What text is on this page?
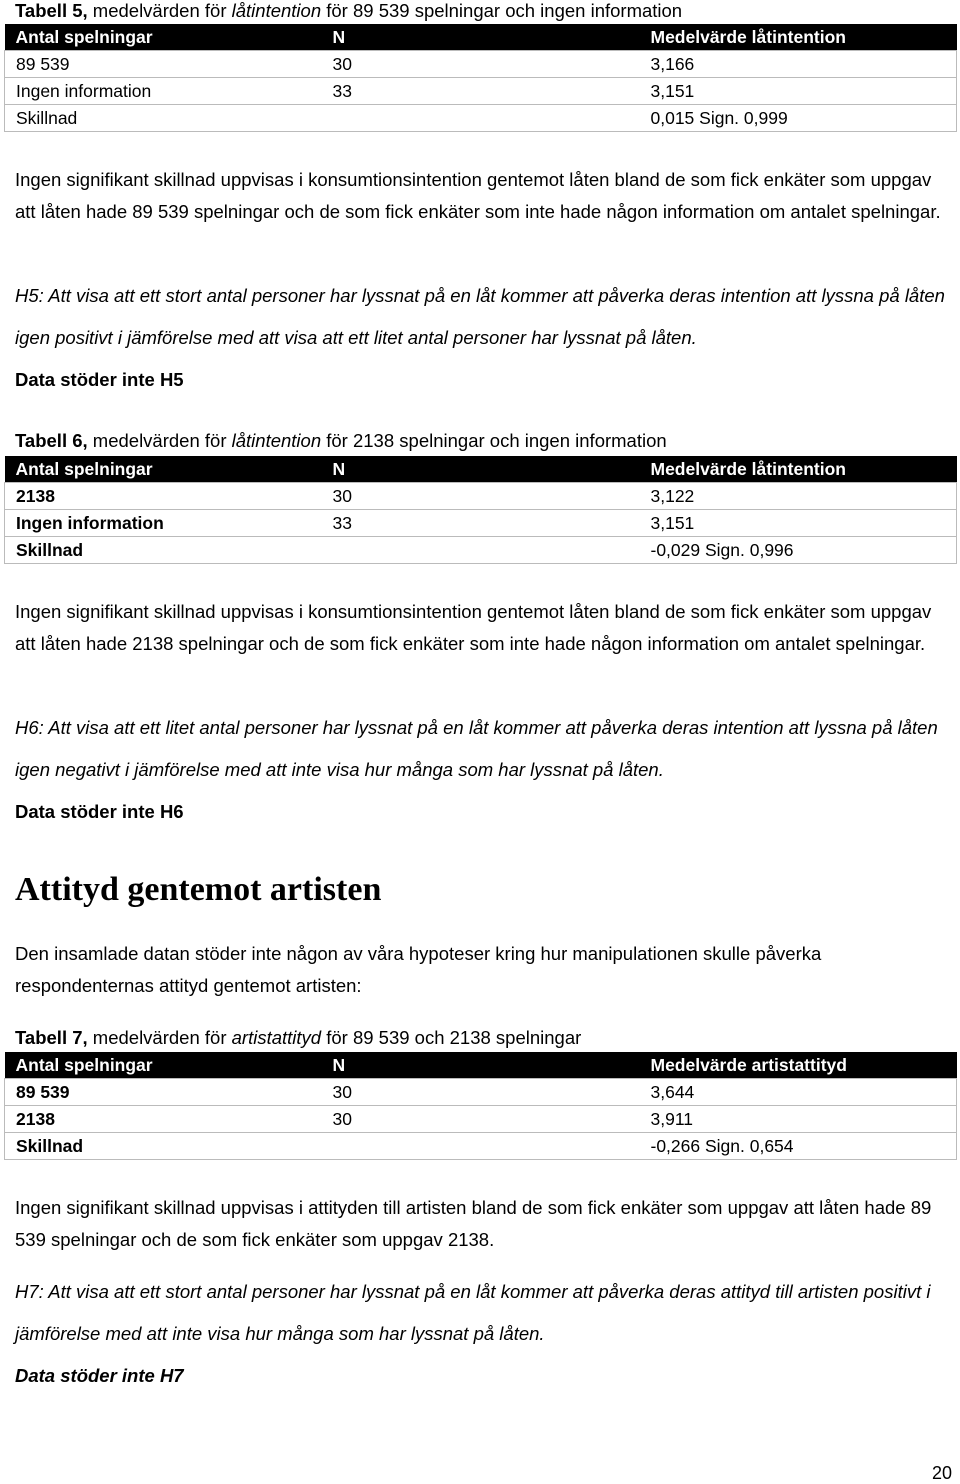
Tabell 5, medelvärden för låtintention för 89 539 spelningar och ingen information
Antal spelningar	N	Medelvärde låtintention
89 539	30	3,166
Ingen information	33	3,151
Skillnad		0,015 Sign. 0,999
Ingen signifikant skillnad uppvisas i konsumtionsintention gentemot låten bland de som fick enkäter som uppgav att låten hade 89 539 spelningar och de som fick enkäter som inte hade någon information om antalet spelningar.
H5: Att visa att ett stort antal personer har lyssnat på en låt kommer att påverka deras intention att lyssna på låten igen positivt i jämförelse med att visa att ett litet antal personer har lyssnat på låten.
Data stöder inte H5
Tabell 6, medelvärden för låtintention för 2138 spelningar och ingen information
Antal spelningar	N	Medelvärde låtintention
2138	30	3,122
Ingen information	33	3,151
Skillnad		-0,029 Sign. 0,996
Ingen signifikant skillnad uppvisas i konsumtionsintention gentemot låten bland de som fick enkäter som uppgav att låten hade 2138 spelningar och de som fick enkäter som inte hade någon information om antalet spelningar.
H6: Att visa att ett litet antal personer har lyssnat på en låt kommer att påverka deras intention att lyssna på låten igen negativt i jämförelse med att inte visa hur många som har lyssnat på låten.
Data stöder inte H6
Attityd gentemot artisten
Den insamlade datan stöder inte någon av våra hypoteser kring hur manipulationen skulle påverka respondenternas attityd gentemot artisten:
Tabell 7, medelvärden för artistattityd för 89 539 och 2138 spelningar
Antal spelningar	N	Medelvärde artistattityd
89 539	30	3,644
2138	30	3,911
Skillnad		-0,266 Sign. 0,654
Ingen signifikant skillnad uppvisas i attityden till artisten bland de som fick enkäter som uppgav att låten hade 89 539 spelningar och de som fick enkäter som uppgav 2138.
H7: Att visa att ett stort antal personer har lyssnat på en låt kommer att påverka deras attityd till artisten positivt i jämförelse med att inte visa hur många som har lyssnat på låten.
Data stöder inte H7
20
